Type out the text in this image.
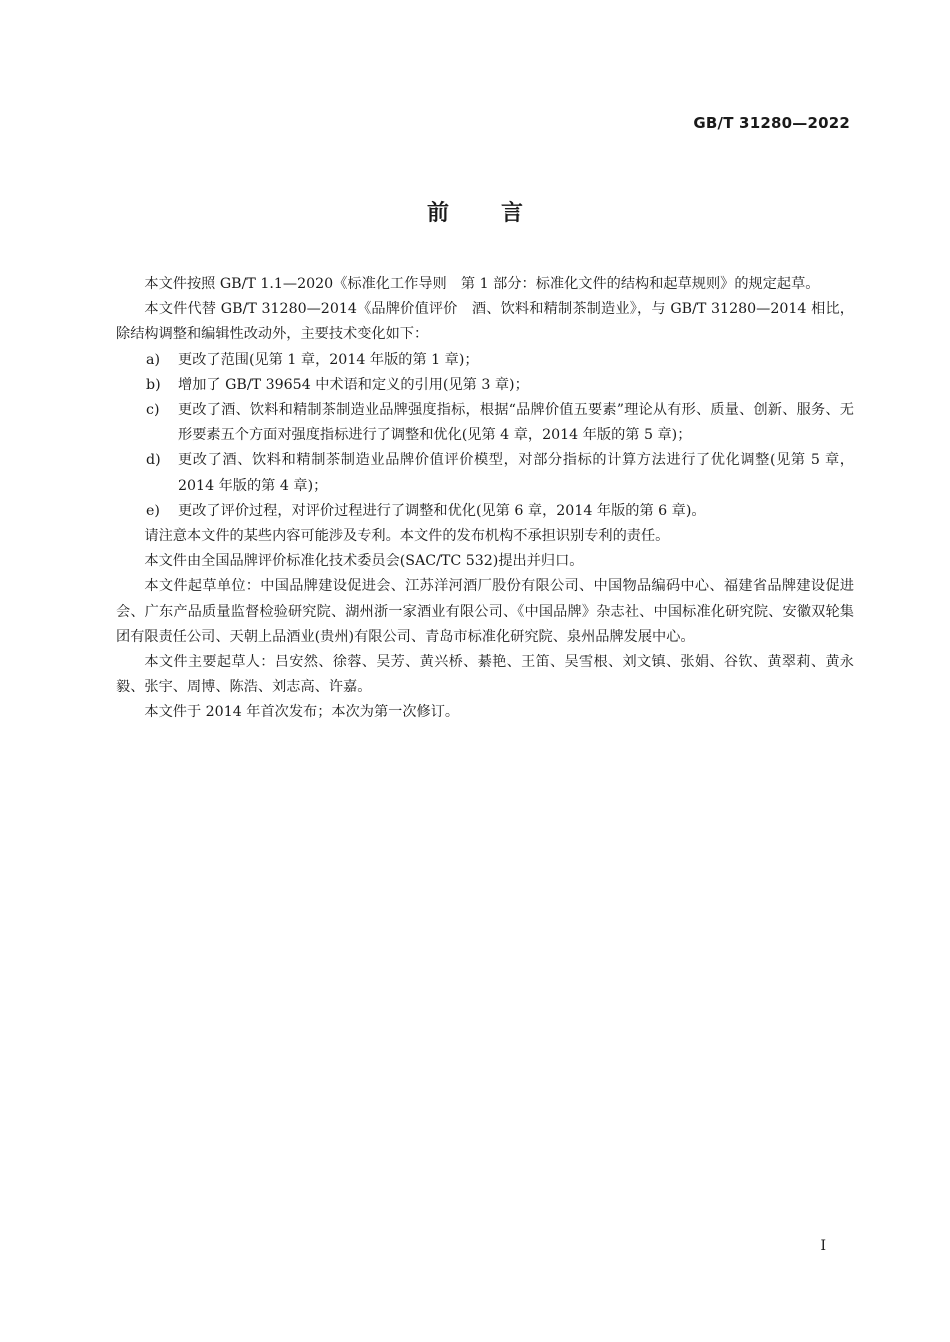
GB/T 31280—2022
前言

本文件按照 GB/T 1.1—2020《标准化工作导则　第 1 部分：标准化文件的结构和起草规则》的规定起草。

本文件代替 GB/T 31280—2014《品牌价值评价　酒、饮料和精制茶制造业》，与 GB/T 31280—2014 相比，除结构调整和编辑性改动外，主要技术变化如下：

a) 更改了范围(见第 1 章，2014 年版的第 1 章)；
b) 增加了 GB/T 39654 中术语和定义的引用(见第 3 章)；
c) 更改了酒、饮料和精制茶制造业品牌强度指标，根据“品牌价值五要素”理论从有形、质量、创新、服务、无形要素五个方面对强度指标进行了调整和优化(见第 4 章，2014 年版的第 5 章)；
d) 更改了酒、饮料和精制茶制造业品牌价值评价模型，对部分指标的计算方法进行了优化调整(见第 5 章，2014 年版的第 4 章)；
e) 更改了评价过程，对评价过程进行了调整和优化(见第 6 章，2014 年版的第 6 章)。

请注意本文件的某些内容可能涉及专利。本文件的发布机构不承担识别专利的责任。

本文件由全国品牌评价标准化技术委员会(SAC/TC 532)提出并归口。

本文件起草单位：中国品牌建设促进会、江苏洋河酒厂股份有限公司、中国物品编码中心、福建省品牌建设促进会、广东产品质量监督检验研究院、湖州浙一家酒业有限公司、《中国品牌》杂志社、中国标准化研究院、安徽双轮集团有限责任公司、天朝上品酒业(贵州)有限公司、青岛市标准化研究院、泉州品牌发展中心。

本文件主要起草人：吕安然、徐蓉、吴芳、黄兴桥、綦艳、王笛、吴雪根、刘文镇、张娟、谷钦、黄翠莉、黄永毅、张宇、周博、陈浩、刘志高、许嘉。

本文件于 2014 年首次发布；本次为第一次修订。

I
